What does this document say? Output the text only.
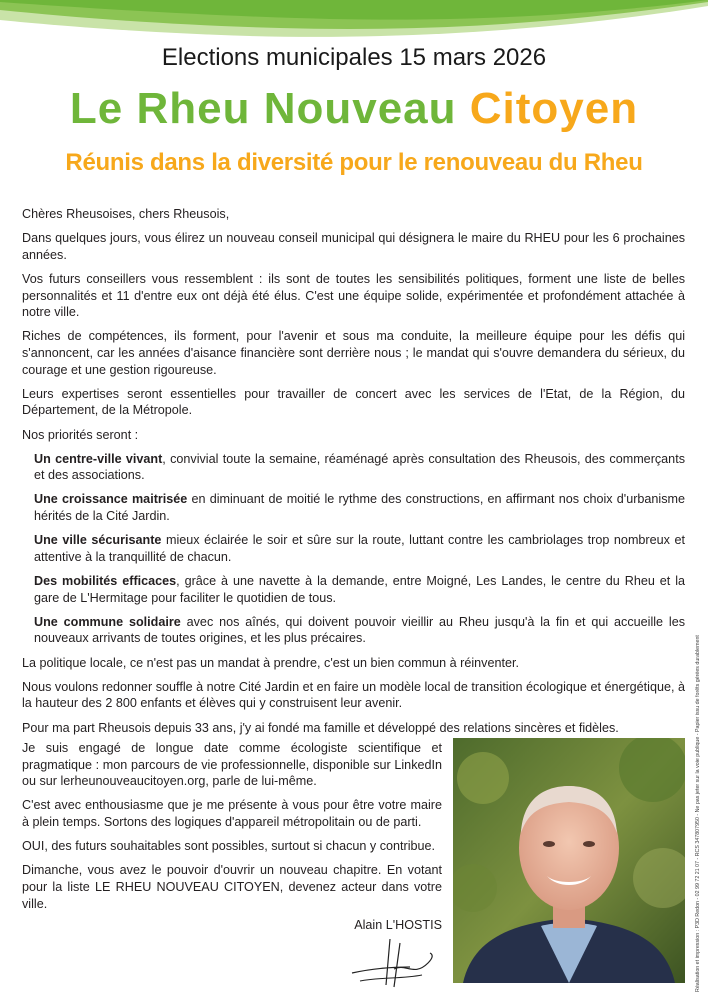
Elections municipales 15 mars 2026
Le Rheu Nouveau Citoyen
Réunis dans la diversité pour le renouveau du Rheu

Chères Rheusoises, chers Rheusois,

Dans quelques jours, vous élirez un nouveau conseil municipal qui désignera le maire du RHEU pour les 6 prochaines années.

Vos futurs conseillers vous ressemblent : ils sont de toutes les sensibilités politiques, forment une liste de belles personnalités et 11 d'entre eux ont déjà été élus. C'est une équipe solide, expérimentée et profondément attachée à notre ville.

Riches de compétences, ils forment, pour l'avenir et sous ma conduite, la meilleure équipe pour les défis qui s'annoncent, car les années d'aisance financière sont derrière nous ; le mandat qui s'ouvre demandera du sérieux, du courage et une gestion rigoureuse.

Leurs expertises seront essentielles pour travailler de concert avec les services de l'Etat, de la Région, du Département, de la Métropole.

Nos priorités seront :

Un centre-ville vivant, convivial toute la semaine, réaménagé après consultation des Rheusois, des commerçants et des associations.

Une croissance maitrisée en diminuant de moitié le rythme des constructions, en affirmant nos choix d'urbanisme hérités de la Cité Jardin.

Une ville sécurisante mieux éclairée le soir et sûre sur la route, luttant contre les cambriolages trop nombreux et attentive à la tranquillité de chacun.

Des mobilités efficaces, grâce à une navette à la demande, entre Moigné, Les Landes, le centre du Rheu et la gare de L'Hermitage pour faciliter le quotidien de tous.

Une commune solidaire avec nos aînés, qui doivent pouvoir vieillir au Rheu jusqu'à la fin et qui accueille les nouveaux arrivants de toutes origines, et les plus précaires.

La politique locale, ce n'est pas un mandat à prendre, c'est un bien commun à réinventer.

Nous voulons redonner souffle à notre Cité Jardin et en faire un modèle local de transition écologique et énergétique, à la hauteur des 2 800 enfants et élèves qui y construisent leur avenir.

Pour ma part Rheusois depuis 33 ans, j'y ai fondé ma famille et développé des relations sincères et fidèles.

Je suis engagé de longue date comme écologiste scientifique et pragmatique : mon parcours de vie professionnelle, disponible sur LinkedIn ou sur lerheunouveaucitoyen.org, parle de lui-même.

C'est avec enthousiasme que je me présente à vous pour être votre maire à plein temps. Sortons des logiques d'appareil métropolitain ou de parti.

OUI, des futurs souhaitables sont possibles, surtout si chacun y contribue.

Dimanche, vous avez le pouvoir d'ouvrir un nouveau chapitre. En votant pour la liste LE RHEU NOUVEAU CITOYEN, devenez acteur dans votre ville.

Alain L'HOSTIS	Réalisation et impression : P3D Redon - 02 99 72 21 07 - RCS 347807950 - Ne pas jeter sur la voie publique - Papier issu de forêts gérées durablement
